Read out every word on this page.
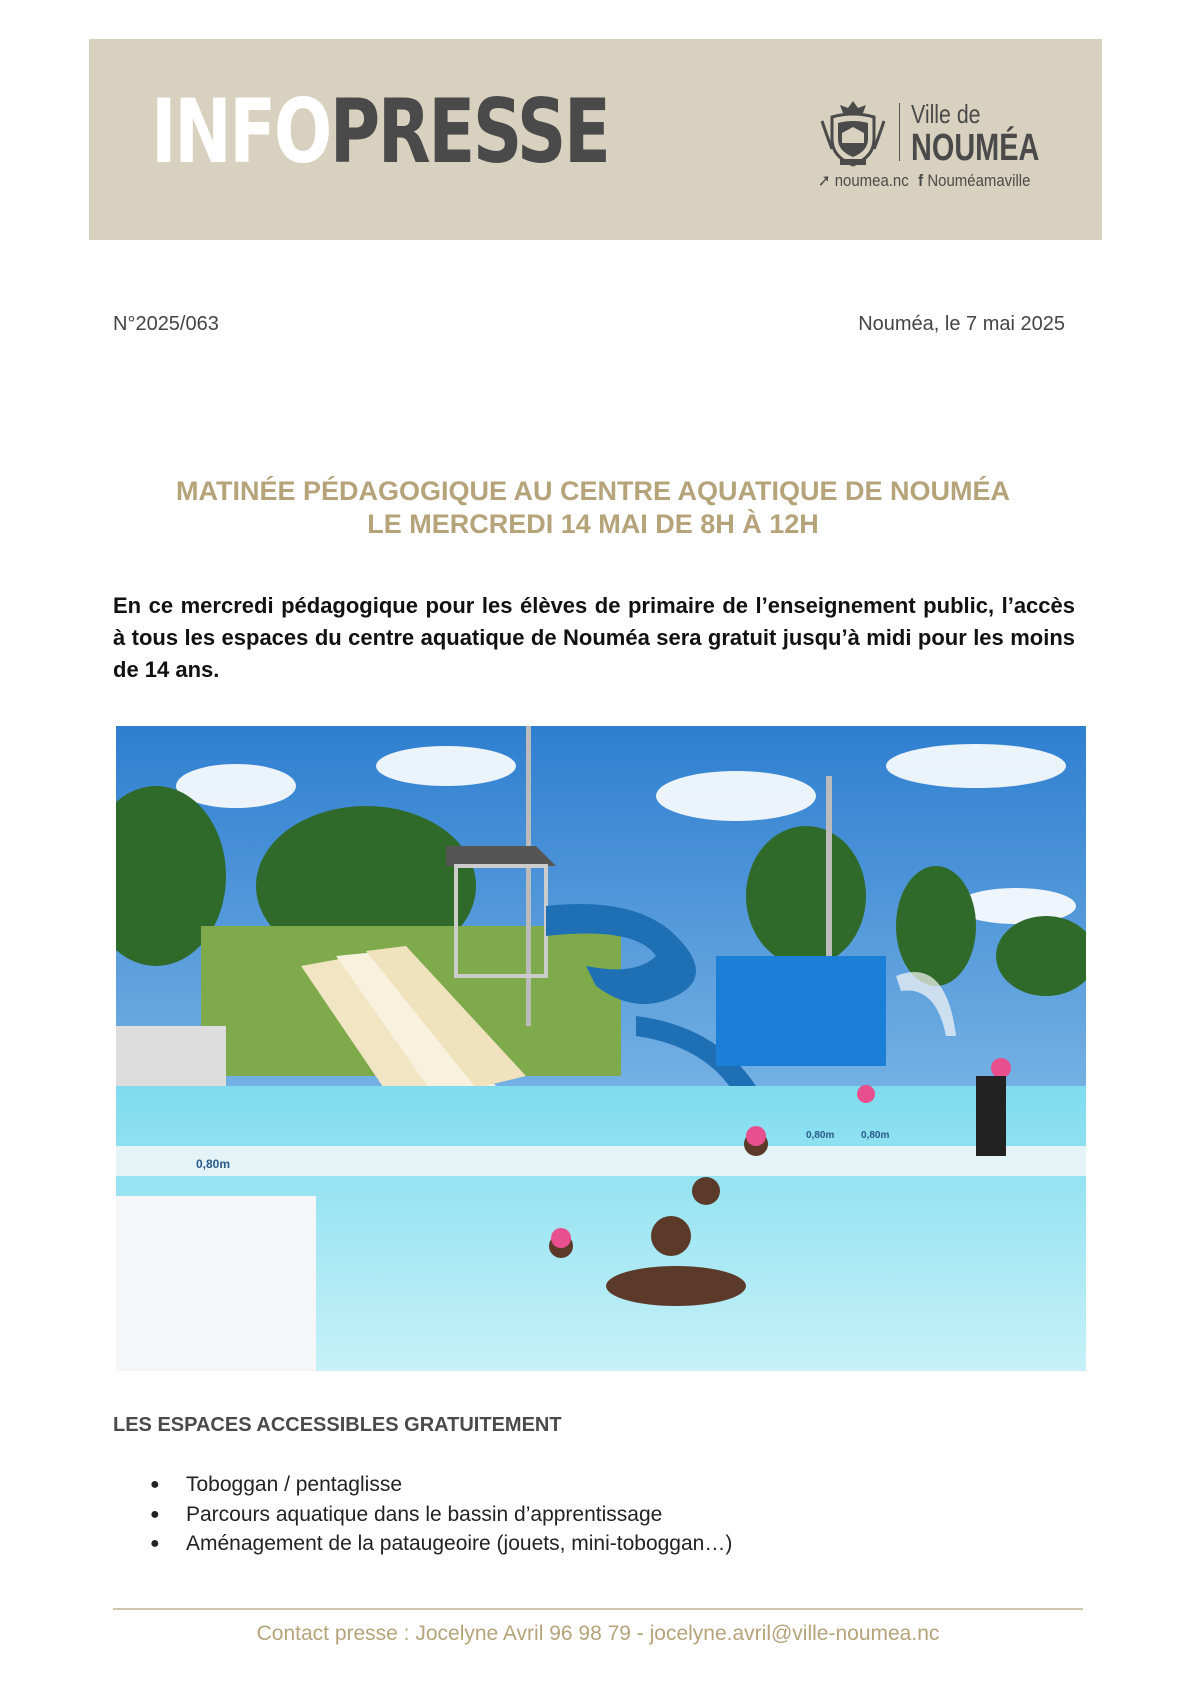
INFOPRESSE	Ville de
NOUMÉA
➚ noumea.nc f Nouméamaville
N°2025/063	Nouméa, le 7 mai 2025
MATINÉE PÉDAGOGIQUE AU CENTRE AQUATIQUE DE NOUMÉA
LE MERCREDI 14 MAI DE 8H À 12H
En ce mercredi pédagogique pour les élèves de primaire de l’enseignement public, l’accès à tous les espaces du centre aquatique de Nouméa sera gratuit jusqu’à midi pour les moins de 14 ans.
0,80m
0,80m	0,80m
LES ESPACES ACCESSIBLES GRATUITEMENT
● Toboggan / pentaglisse
● Parcours aquatique dans le bassin d’apprentissage
● Aménagement de la pataugeoire (jouets, mini-toboggan…)
Contact presse : Jocelyne Avril 96 98 79 - jocelyne.avril@ville-noumea.nc
